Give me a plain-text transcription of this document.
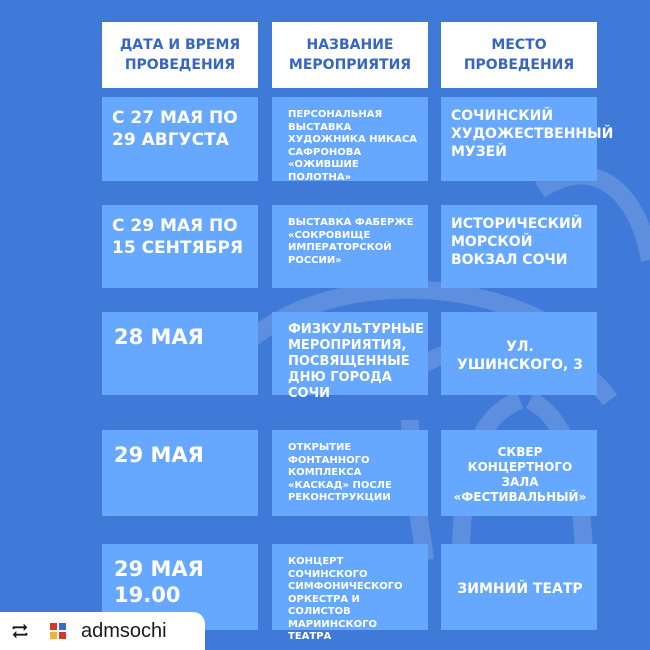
ДАТА И ВРЕМЯ ПРОВЕДЕНИЯ
НАЗВАНИЕ МЕРОПРИЯТИЯ
МЕСТО ПРОВЕДЕНИЯ
С 27 МАЯ ПО 29 АВГУСТА
ПЕРСОНАЛЬНАЯ ВЫСТАВКА ХУДОЖНИКА НИКАСА САФРОНОВА «ОЖИВШИЕ ПОЛОТНА»
СОЧИНСКИЙ ХУДОЖЕСТВЕННЫЙ МУЗЕЙ
С 29 МАЯ ПО 15 СЕНТЯБРЯ
ВЫСТАВКА ФАБЕРЖЕ «СОКРОВИЩЕ ИМПЕРАТОРСКОЙ РОССИИ»
ИСТОРИЧЕСКИЙ МОРСКОЙ ВОКЗАЛ СОЧИ
28 МАЯ	ФИЗКУЛЬТУРНЫЕ МЕРОПРИЯТИЯ, ПОСВЯЩЕННЫЕ ДНЮ ГОРОДА СОЧИ
УЛ. УШИНСКОГО, 3
29 МАЯ	ОТКРЫТИЕ ФОНТАННОГО КОМПЛЕКСА «КАСКАД» ПОСЛЕ РЕКОНСТРУКЦИИ
СКВЕР КОНЦЕРТНОГО ЗАЛА «ФЕСТИВАЛЬНЫЙ»
29 МАЯ 19.00
КОНЦЕРТ СОЧИНСКОГО СИМФОНИЧЕСКОГО ОРКЕСТРА И СОЛИСТОВ МАРИИНСКОГО ТЕАТРА
ЗИМНИЙ ТЕАТР
admsochi
